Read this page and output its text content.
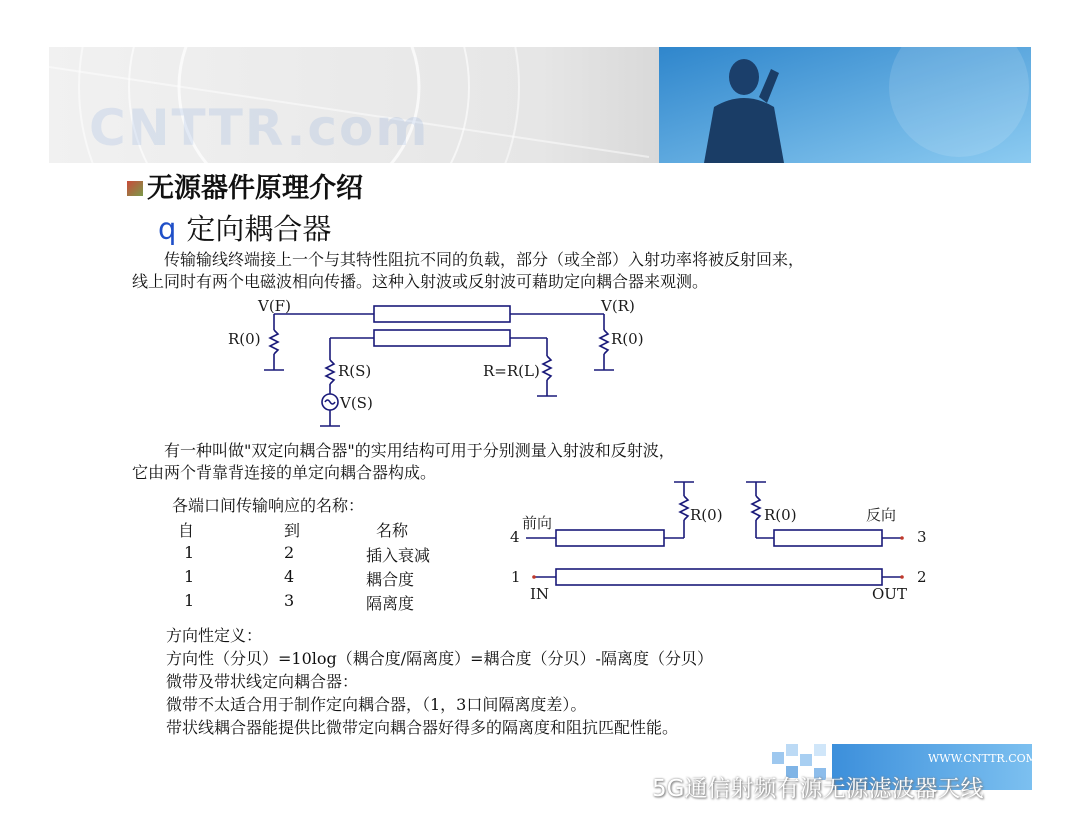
CNTTR.com
无源器件原理介绍
q 定向耦合器
传输输线终端接上一个与其特性阻抗不同的负载，部分（或全部）入射功率将被反射回来，
线上同时有两个电磁波相向传播。这种入射波或反射波可藉助定向耦合器来观测。
V(F)	V(R)
R(0)	R(0)
R(S)	R=R(L)
V(S)
前向	反向
R(0)	R(0)
4	3
1	2
IN	OUT
有一种叫做"双定向耦合器"的实用结构可用于分别测量入射波和反射波，
它由两个背靠背连接的单定向耦合器构成。
各端口间传输响应的名称：
自	到	名称
1	2	插入衰减
1	4	耦合度
1	3	隔离度
方向性定义：
方向性（分贝）=10log（耦合度/隔离度）=耦合度（分贝）-隔离度（分贝）
微带及带状线定向耦合器：
微带不太适合用于制作定向耦合器，（1，3口间隔离度差）。
带状线耦合器能提供比微带定向耦合器好得多的隔离度和阻抗匹配性能。
WWW.CNTTR.COM
5G通信射频有源无源滤波器天线
